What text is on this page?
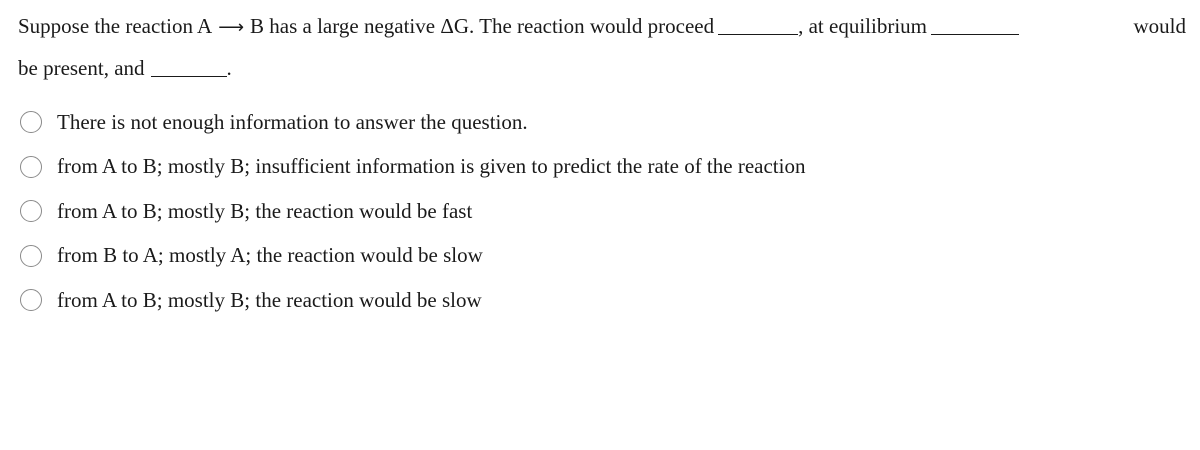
Suppose the reaction A ⟶ B has a large negative ΔG. The reaction would proceed	, at equilibrium	would
be present, and	.
There is not enough information to answer the question.
from A to B; mostly B; insufficient information is given to predict the rate of the reaction
from A to B; mostly B; the reaction would be fast
from B to A; mostly A; the reaction would be slow
from A to B; mostly B; the reaction would be slow
